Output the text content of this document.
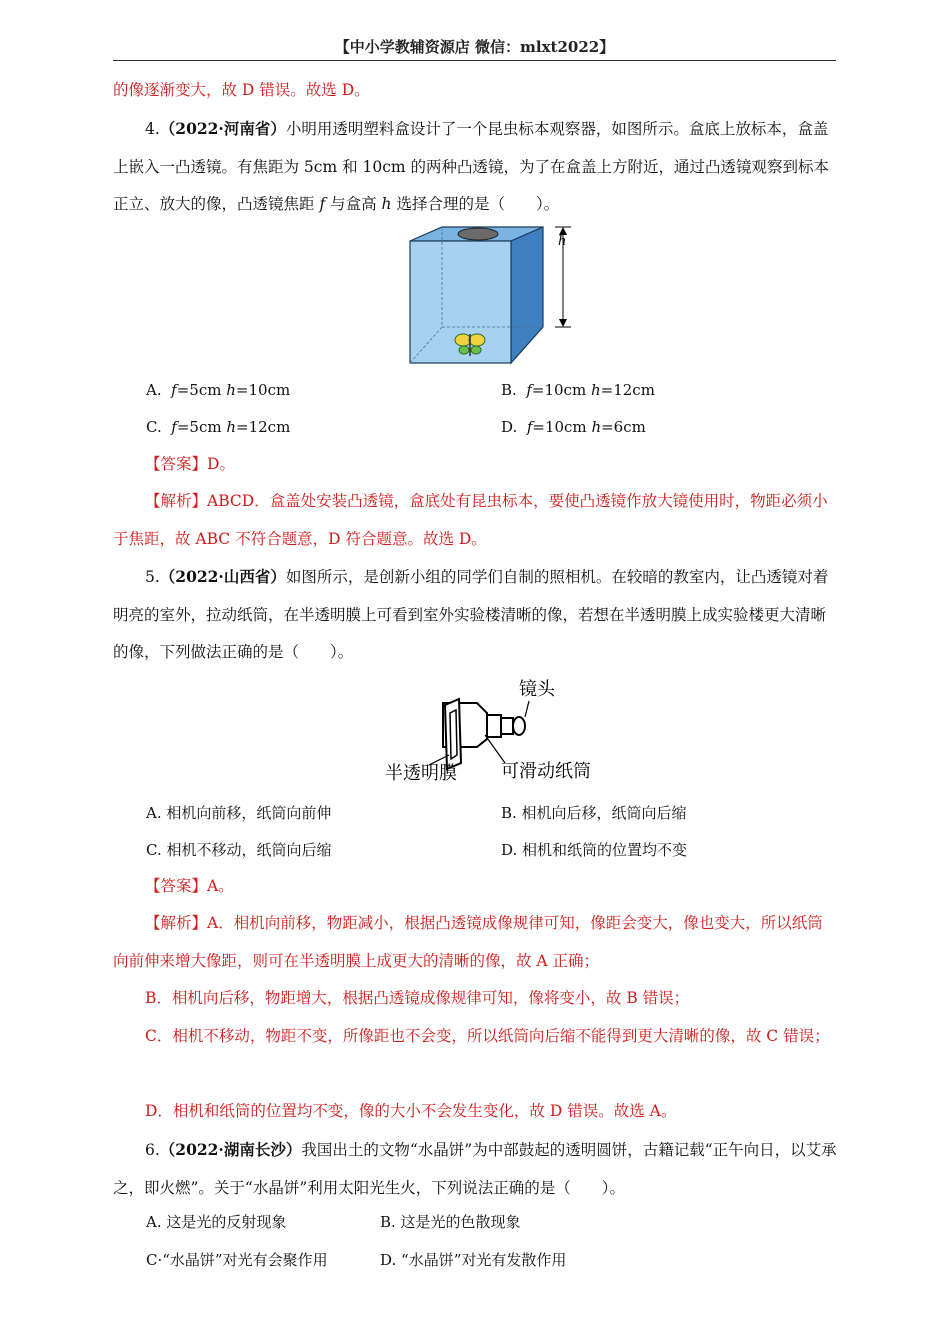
【中小学教辅资源店 微信：mlxt2022】
的像逐渐变大，故 D 错误。故选 D。
4.（2022·河南省）小明用透明塑料盒设计了一个昆虫标本观察器，如图所示。盒底上放标本，盒盖上嵌入一凸透镜。有焦距为 5cm 和 10cm 的两种凸透镜，为了在盒盖上方附近，通过凸透镜观察到标本正立、放大的像，凸透镜焦距 f 与盒高 h 选择合理的是（　　）。
h
A. f=5cm h=10cm	B. f=10cm h=12cm
C. f=5cm h=12cm	D. f=10cm h=6cm
【答案】D。
【解析】ABCD．盒盖处安装凸透镜，盒底处有昆虫标本，要使凸透镜作放大镜使用时，物距必须小于焦距，故 ABC 不符合题意，D 符合题意。故选 D。
5.（2022·山西省）如图所示，是创新小组的同学们自制的照相机。在较暗的教室内，让凸透镜对着明亮的室外，拉动纸筒，在半透明膜上可看到室外实验楼清晰的像，若想在半透明膜上成实验楼更大清晰的像，下列做法正确的是（　　）。
镜头
半透明膜 可滑动纸筒
A. 相机向前移，纸筒向前伸	B. 相机向后移，纸筒向后缩
C. 相机不移动，纸筒向后缩	D. 相机和纸筒的位置均不变
【答案】A。
【解析】A．相机向前移，物距减小，根据凸透镜成像规律可知，像距会变大，像也变大，所以纸筒向前伸来增大像距，则可在半透明膜上成更大的清晰的像，故 A 正确；
B．相机向后移，物距增大，根据凸透镜成像规律可知，像将变小，故 B 错误；
C．相机不移动，物距不变，所像距也不会变，所以纸筒向后缩不能得到更大清晰的像，故 C 错误；
D．相机和纸筒的位置均不变，像的大小不会发生变化，故 D 错误。故选 A。
6.（2022·湖南长沙）我国出土的文物“水晶饼”为中部鼓起的透明圆饼，古籍记载“正午向日，以艾承之，即火燃”。关于“水晶饼”利用太阳光生火，下列说法正确的是（　　）。
A. 这是光的反射现象	B. 这是光的色散现象
C·“水晶饼”对光有会聚作用	D. “水晶饼”对光有发散作用
